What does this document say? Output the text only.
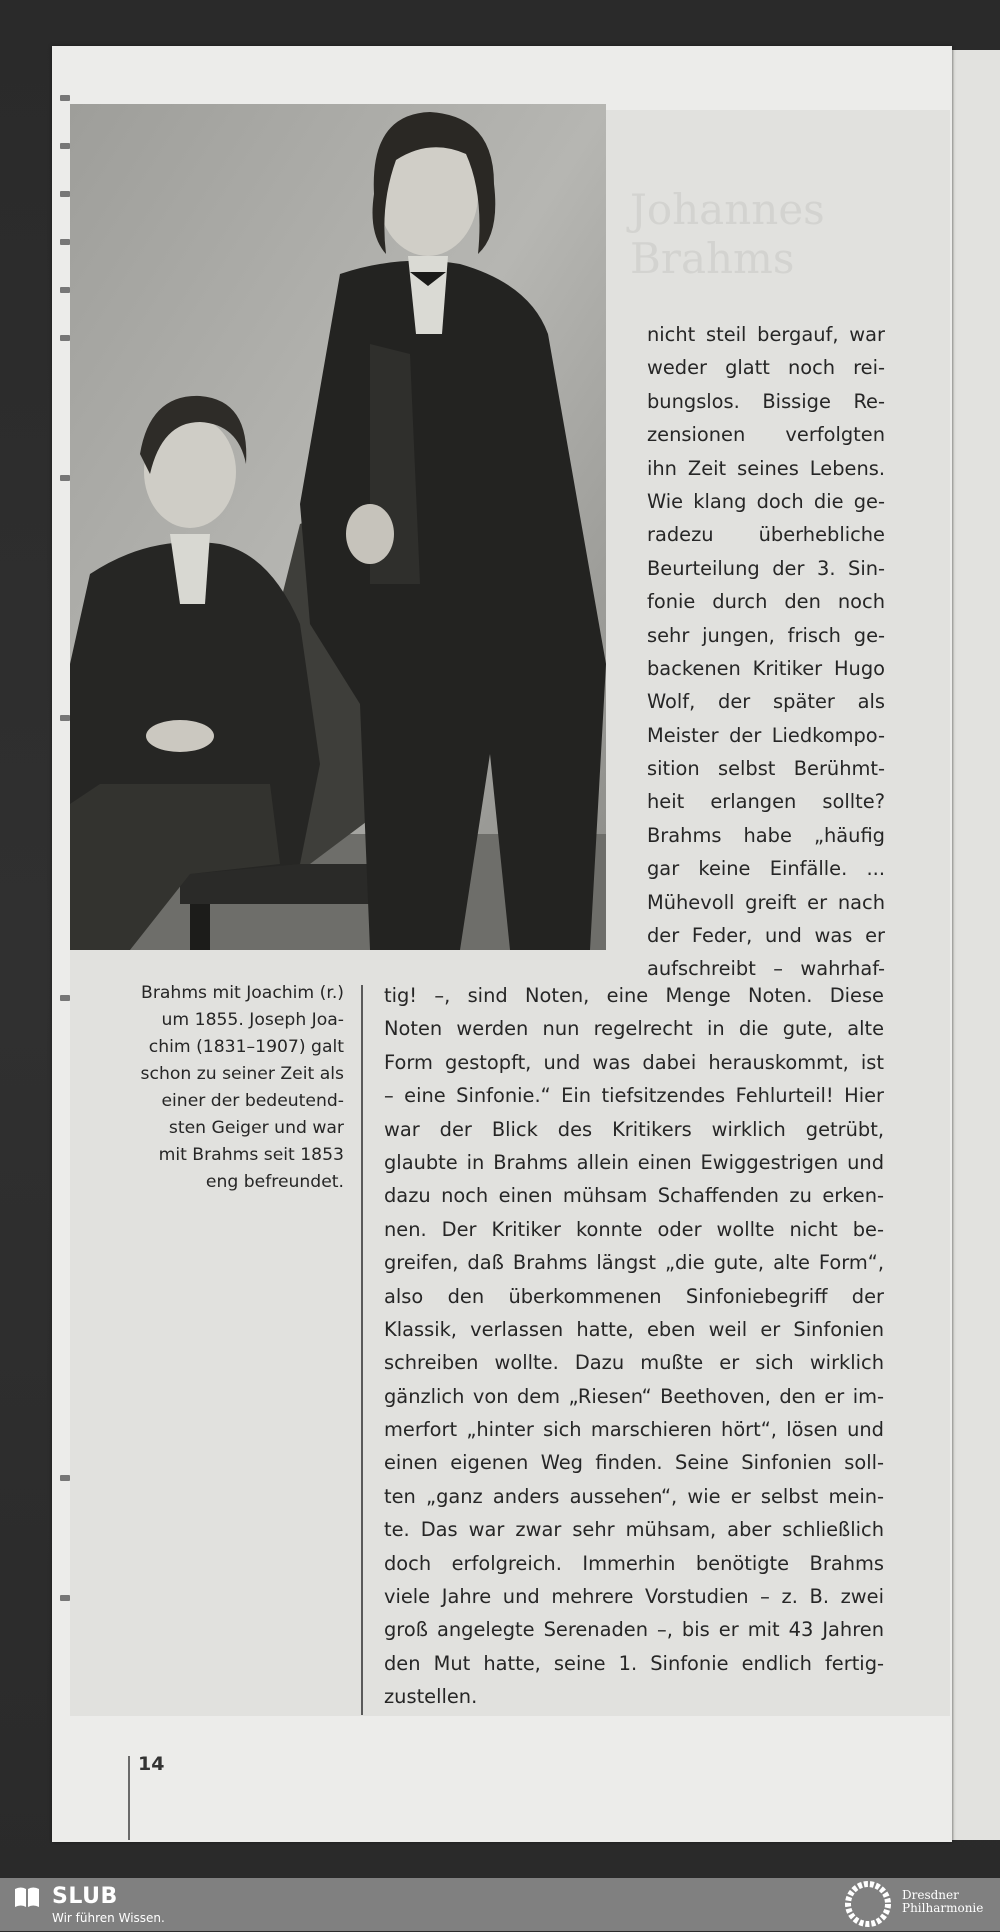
Johannes Brahms
Brahms mit Joachim (r.)
um 1855. Joseph Joa-
chim (1831–1907) galt
schon zu seiner Zeit als
einer der bedeutend-
sten Geiger und war
mit Brahms seit 1853
eng befreundet.
nicht steil bergauf, war
weder glatt noch rei-
bungslos. Bissige Re-
zensionen verfolgten
ihn Zeit seines Lebens.
Wie klang doch die ge-
radezu überhebliche
Beurteilung der 3. Sin-
fonie durch den noch
sehr jungen, frisch ge-
backenen Kritiker Hugo
Wolf, der später als
Meister der Liedkompo-
sition selbst Berühmt-
heit erlangen sollte?
Brahms habe „häufig
gar keine Einfälle. ...
Mühevoll greift er nach
der Feder, und was er
aufschreibt – wahrhaf-
tig! –, sind Noten, eine Menge Noten. Diese
Noten werden nun regelrecht in die gute, alte
Form gestopft, und was dabei herauskommt, ist
– eine Sinfonie.“ Ein tiefsitzendes Fehlurteil! Hier
war der Blick des Kritikers wirklich getrübt,
glaubte in Brahms allein einen Ewiggestrigen und
dazu noch einen mühsam Schaffenden zu erken-
nen. Der Kritiker konnte oder wollte nicht be-
greifen, daß Brahms längst „die gute, alte Form“,
also den überkommenen Sinfoniebegriff der
Klassik, verlassen hatte, eben weil er Sinfonien
schreiben wollte. Dazu mußte er sich wirklich
gänzlich von dem „Riesen“ Beethoven, den er im-
merfort „hinter sich marschieren hört“, lösen und
einen eigenen Weg finden. Seine Sinfonien soll-
ten „ganz anders aussehen“, wie er selbst mein-
te. Das war zwar sehr mühsam, aber schließlich
doch erfolgreich. Immerhin benötigte Brahms
viele Jahre und mehrere Vorstudien – z. B. zwei
groß angelegte Serenaden –, bis er mit 43 Jahren
den Mut hatte, seine 1. Sinfonie endlich fertig-
zustellen.
14
SLUB
Wir führen Wissen.
Dresdner
Philharmonie
